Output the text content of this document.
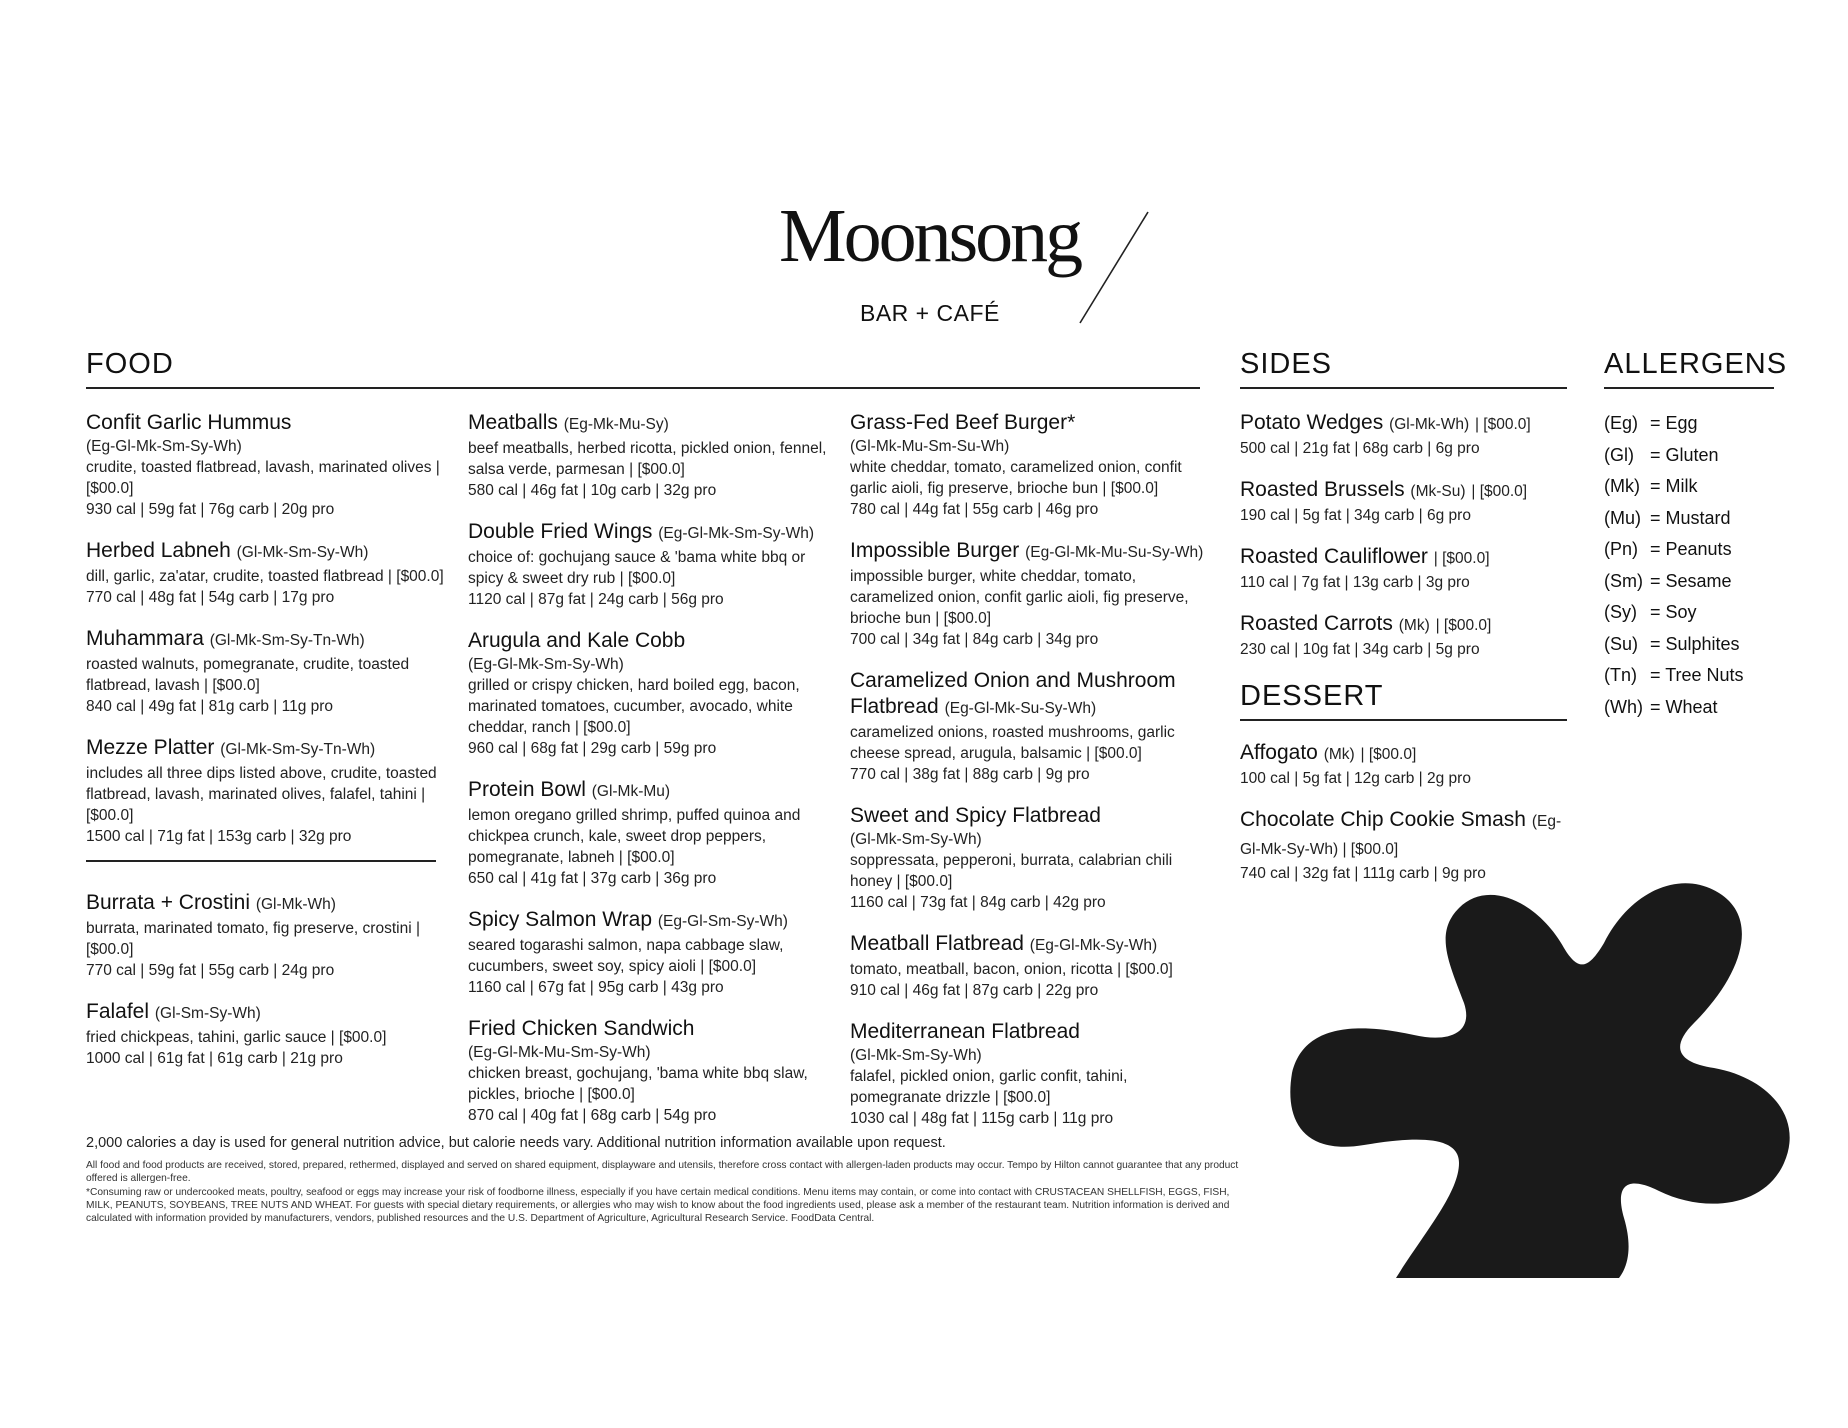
Moonsong
BAR + CAFÉ
FOOD	SIDES	ALLERGENS
DESSERT
Confit Garlic Hummus
(Eg-Gl-Mk-Sm-Sy-Wh)
crudite, toasted flatbread, lavash, marinated olives | [$00.0]
930 cal | 59g fat | 76g carb | 20g pro
Herbed Labneh (Gl-Mk-Sm-Sy-Wh)
dill, garlic, za'atar, crudite, toasted flatbread | [$00.0]
770 cal | 48g fat | 54g carb | 17g pro
Muhammara (Gl-Mk-Sm-Sy-Tn-Wh)
roasted walnuts, pomegranate, crudite, toasted flatbread, lavash | [$00.0]
840 cal | 49g fat | 81g carb | 11g pro
Mezze Platter (Gl-Mk-Sm-Sy-Tn-Wh)
includes all three dips listed above, crudite, toasted flatbread, lavash, marinated olives, falafel, tahini | [$00.0]
1500 cal | 71g fat | 153g carb | 32g pro
Burrata + Crostini (Gl-Mk-Wh)
burrata, marinated tomato, fig preserve, crostini | [$00.0]
770 cal | 59g fat | 55g carb | 24g pro
Falafel (Gl-Sm-Sy-Wh)
fried chickpeas, tahini, garlic sauce | [$00.0]
1000 cal | 61g fat | 61g carb | 21g pro
Meatballs (Eg-Mk-Mu-Sy)
beef meatballs, herbed ricotta, pickled onion, fennel, salsa verde, parmesan | [$00.0]
580 cal | 46g fat | 10g carb | 32g pro
Double Fried Wings (Eg-Gl-Mk-Sm-Sy-Wh)
choice of: gochujang sauce & 'bama white bbq or spicy & sweet dry rub | [$00.0]
1120 cal | 87g fat | 24g carb | 56g pro
Arugula and Kale Cobb
(Eg-Gl-Mk-Sm-Sy-Wh)
grilled or crispy chicken, hard boiled egg, bacon, marinated tomatoes, cucumber, avocado, white cheddar, ranch | [$00.0]
960 cal | 68g fat | 29g carb | 59g pro
Protein Bowl (Gl-Mk-Mu)
lemon oregano grilled shrimp, puffed quinoa and chickpea crunch, kale, sweet drop peppers, pomegranate, labneh | [$00.0]
650 cal | 41g fat | 37g carb | 36g pro
Spicy Salmon Wrap (Eg-Gl-Sm-Sy-Wh)
seared togarashi salmon, napa cabbage slaw, cucumbers, sweet soy, spicy aioli | [$00.0]
1160 cal | 67g fat | 95g carb | 43g pro
Fried Chicken Sandwich
(Eg-Gl-Mk-Mu-Sm-Sy-Wh)
chicken breast, gochujang, 'bama white bbq slaw, pickles, brioche | [$00.0]
870 cal | 40g fat | 68g carb | 54g pro
Grass-Fed Beef Burger*
(Gl-Mk-Mu-Sm-Su-Wh)
white cheddar, tomato, caramelized onion, confit garlic aioli, fig preserve, brioche bun | [$00.0]
780 cal | 44g fat | 55g carb | 46g pro
Impossible Burger (Eg-Gl-Mk-Mu-Su-Sy-Wh)
impossible burger, white cheddar, tomato, caramelized onion, confit garlic aioli, fig preserve, brioche bun | [$00.0]
700 cal | 34g fat | 84g carb | 34g pro
Caramelized Onion and Mushroom Flatbread (Eg-Gl-Mk-Su-Sy-Wh)
caramelized onions, roasted mushrooms, garlic cheese spread, arugula, balsamic | [$00.0]
770 cal | 38g fat | 88g carb | 9g pro
Sweet and Spicy Flatbread
(Gl-Mk-Sm-Sy-Wh)
soppressata, pepperoni, burrata, calabrian chili honey | [$00.0]
1160 cal | 73g fat | 84g carb | 42g pro
Meatball Flatbread (Eg-Gl-Mk-Sy-Wh)
tomato, meatball, bacon, onion, ricotta | [$00.0]
910 cal | 46g fat | 87g carb | 22g pro
Mediterranean Flatbread
(Gl-Mk-Sm-Sy-Wh)
falafel, pickled onion, garlic confit, tahini, pomegranate drizzle | [$00.0]
1030 cal | 48g fat | 115g carb | 11g pro
Potato Wedges (Gl-Mk-Wh) | [$00.0]
500 cal | 21g fat | 68g carb | 6g pro
Roasted Brussels (Mk-Su) | [$00.0]
190 cal | 5g fat | 34g carb | 6g pro
Roasted Cauliflower | [$00.0]
110 cal | 7g fat | 13g carb | 3g pro
Roasted Carrots (Mk) | [$00.0]
230 cal | 10g fat | 34g carb | 5g pro
Affogato (Mk) | [$00.0]
100 cal | 5g fat | 12g carb | 2g pro
Chocolate Chip Cookie Smash (Eg-Gl-Mk-Sy-Wh) | [$00.0]
740 cal | 32g fat | 111g carb | 9g pro
(Eg) = Egg
(Gl) = Gluten
(Mk) = Milk
(Mu) = Mustard
(Pn) = Peanuts
(Sm) = Sesame
(Sy) = Soy
(Su) = Sulphites
(Tn) = Tree Nuts
(Wh) = Wheat
2,000 calories a day is used for general nutrition advice, but calorie needs vary. Additional nutrition information available upon request.
All food and food products are received, stored, prepared, rethermed, displayed and served on shared equipment, displayware and utensils, therefore cross contact with allergen-laden products may occur. Tempo by Hilton cannot guarantee that any product offered is allergen-free.
*Consuming raw or undercooked meats, poultry, seafood or eggs may increase your risk of foodborne illness, especially if you have certain medical conditions. Menu items may contain, or come into contact with CRUSTACEAN SHELLFISH, EGGS, FISH, MILK, PEANUTS, SOYBEANS, TREE NUTS AND WHEAT. For guests with special dietary requirements, or allergies who may wish to know about the food ingredients used, please ask a member of the restaurant team. Nutrition information is derived and calculated with information provided by manufacturers, vendors, published resources and the U.S. Department of Agriculture, Agricultural Research Service. FoodData Central.
